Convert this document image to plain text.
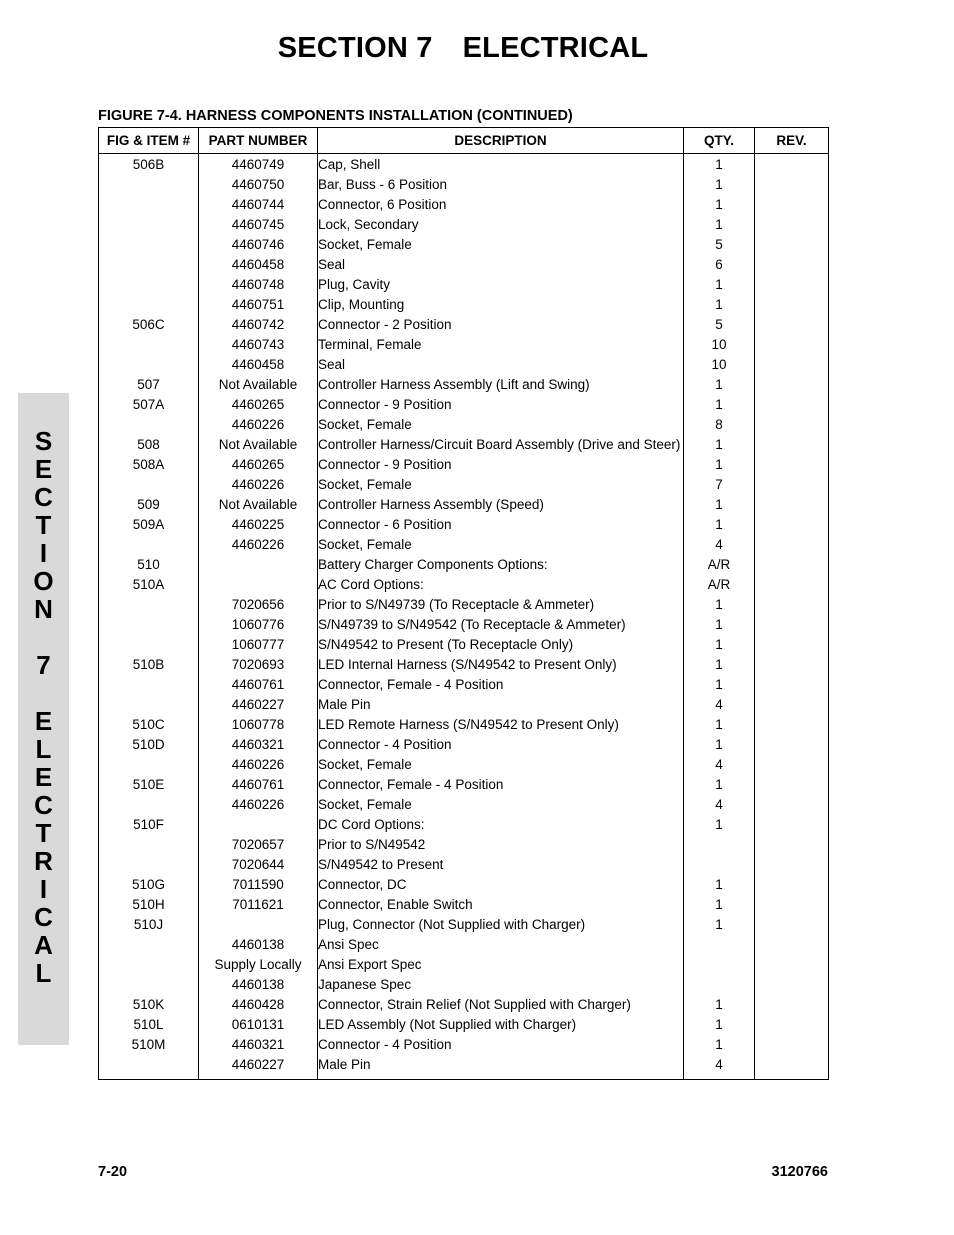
SECTION 7 ELECTRICAL
FIGURE 7-4. HARNESS COMPONENTS INSTALLATION (CONTINUED)
FIG & ITEM #	PART NUMBER	DESCRIPTION	QTY.	REV.

506B	4460749	Cap, Shell	1	

	4460750	Bar, Buss - 6 Position	1	

	4460744	Connector, 6 Position	1	

	4460745	Lock, Secondary	1	

	4460746	Socket, Female	5	

	4460458	Seal	6	

	4460748	Plug, Cavity	1	

	4460751	Clip, Mounting	1	

506C	4460742	Connector - 2 Position	5	

	4460743	Terminal, Female	10	

	4460458	Seal	10	

507	Not Available	Controller Harness Assembly (Lift and Swing)	1	

507A	4460265	Connector - 9 Position	1	

	4460226	Socket, Female	8	

508	Not Available	Controller Harness/Circuit Board Assembly (Drive and Steer)	1	

508A	4460265	Connector - 9 Position	1	

	4460226	Socket, Female	7	

509	Not Available	Controller Harness Assembly (Speed)	1	

509A	4460225	Connector - 6 Position	1	

	4460226	Socket, Female	4	

510		Battery Charger Components Options:	A/R	

510A		AC Cord Options:	A/R	

	7020656	Prior to S/N49739 (To Receptacle & Ammeter)	1	

	1060776	S/N49739 to S/N49542 (To Receptacle & Ammeter)	1	

	1060777	S/N49542 to Present (To Receptacle Only)	1	

510B	7020693	LED Internal Harness (S/N49542 to Present Only)	1	

	4460761	Connector, Female - 4 Position	1	

	4460227	Male Pin	4	

510C	1060778	LED Remote Harness (S/N49542 to Present Only)	1	

510D	4460321	Connector - 4 Position	1	

	4460226	Socket, Female	4	

510E	4460761	Connector, Female - 4 Position	1	

	4460226	Socket, Female	4	

510F		DC Cord Options:	1	

	7020657	Prior to S/N49542		

	7020644	S/N49542 to Present		

510G	7011590	Connector, DC	1	

510H	7011621	Connector, Enable Switch	1	

510J		Plug, Connector (Not Supplied with Charger)	1	

	4460138	Ansi Spec		

	Supply Locally	Ansi Export Spec		

	4460138	Japanese Spec		

510K	4460428	Connector, Strain Relief (Not Supplied with Charger)	1	

510L	0610131	LED Assembly (Not Supplied with Charger)	1	

510M	4460321	Connector - 4 Position	1	

	4460227	Male Pin	4	

S
E
C
T
I
O
N

7

E
L
E
C
T
R
I
C
A
L
7-20	3120766
